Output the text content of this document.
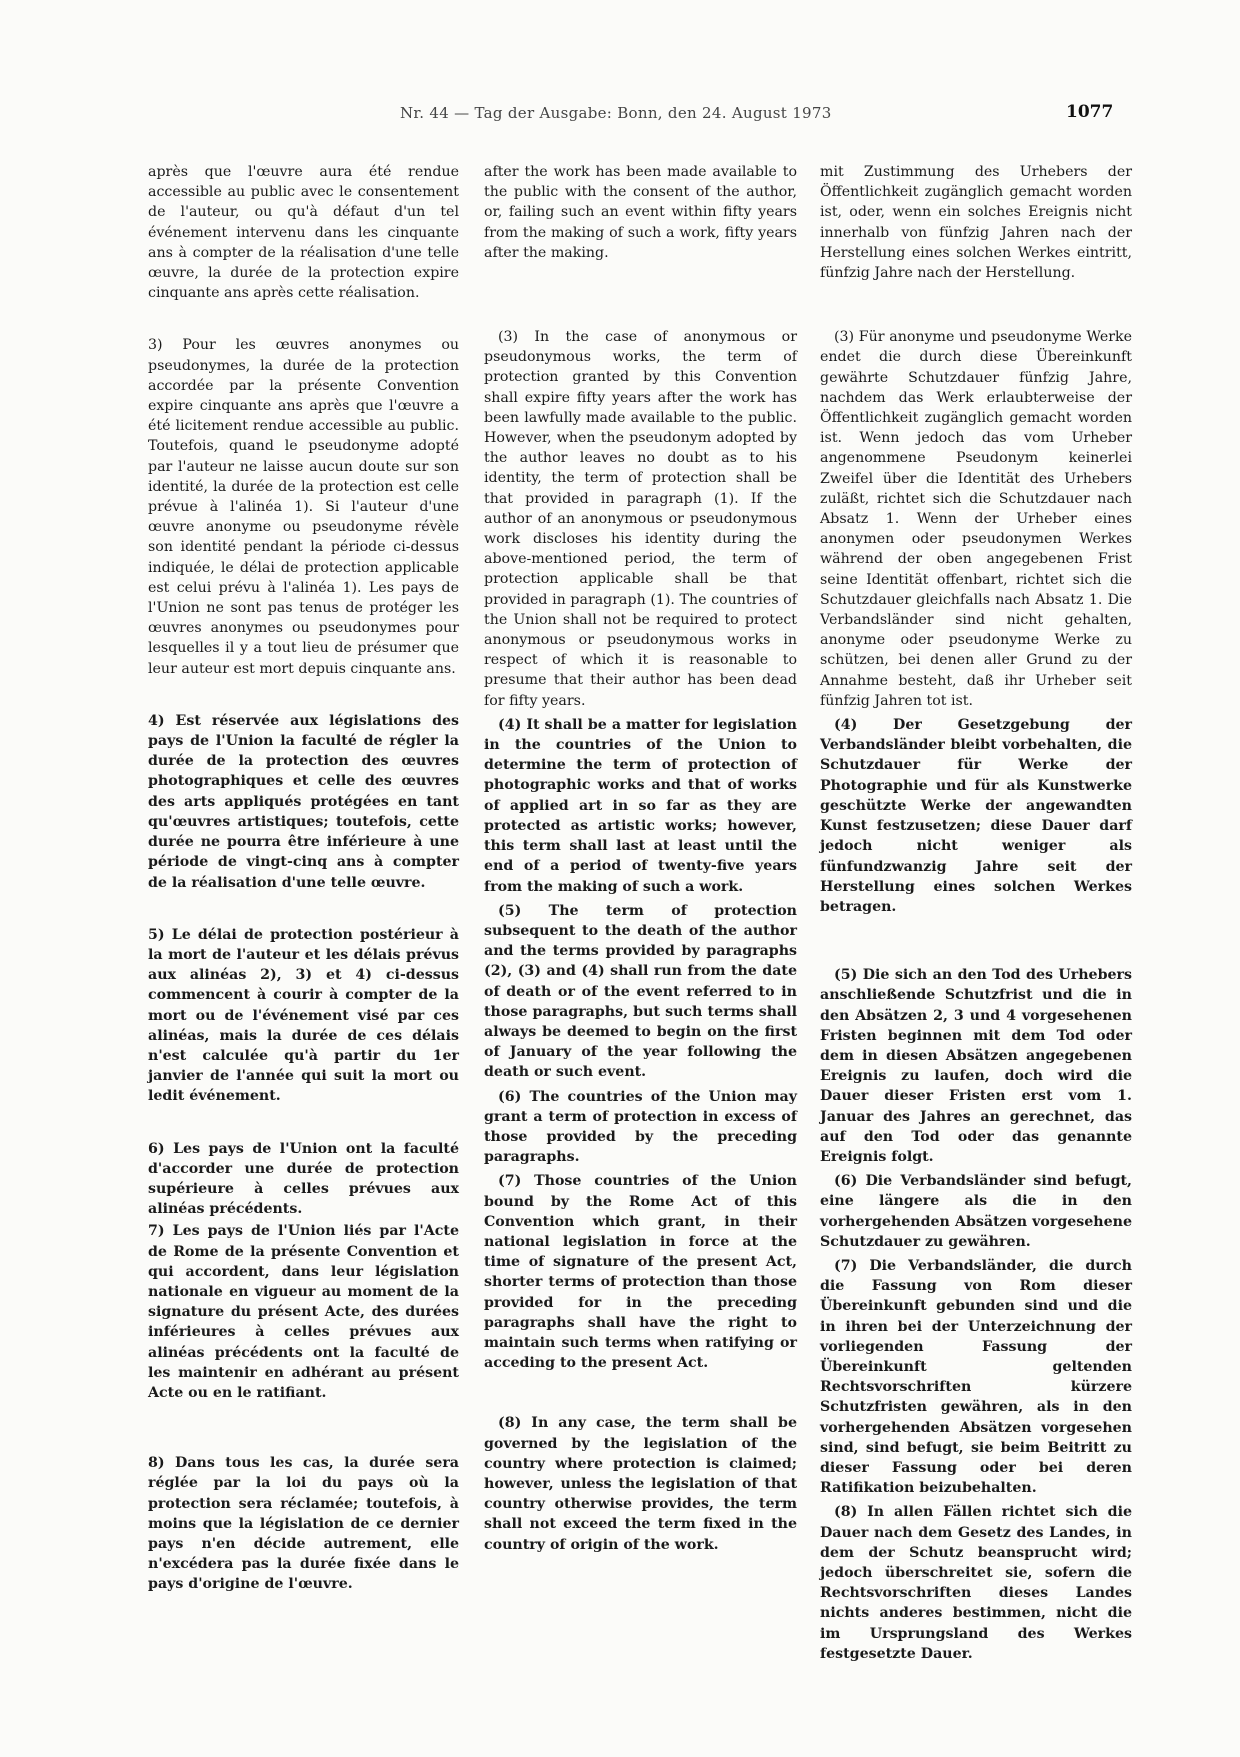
Nr. 44 — Tag der Ausgabe: Bonn, den 24. August 1973	1077

après que l'œuvre aura été rendue accessible au public avec le consentement de l'auteur, ou qu'à défaut d'un tel événement intervenu dans les cinquante ans à compter de la réalisation d'une telle œuvre, la durée de la protection expire cinquante ans après cette réalisation.

3) Pour les œuvres anonymes ou pseudonymes, la durée de la protection accordée par la présente Convention expire cinquante ans après que l'œuvre a été licitement rendue accessible au public. Toutefois, quand le pseudonyme adopté par l'auteur ne laisse aucun doute sur son identité, la durée de la protection est celle prévue à l'alinéa 1). Si l'auteur d'une œuvre anonyme ou pseudonyme révèle son identité pendant la période ci-dessus indiquée, le délai de protection applicable est celui prévu à l'alinéa 1). Les pays de l'Union ne sont pas tenus de protéger les œuvres anonymes ou pseudonymes pour lesquelles il y a tout lieu de présumer que leur auteur est mort depuis cinquante ans.

4) Est réservée aux législations des pays de l'Union la faculté de régler la durée de la protection des œuvres photographiques et celle des œuvres des arts appliqués protégées en tant qu'œuvres artistiques; toutefois, cette durée ne pourra être inférieure à une période de vingt-cinq ans à compter de la réalisation d'une telle œuvre.

5) Le délai de protection postérieur à la mort de l'auteur et les délais prévus aux alinéas 2), 3) et 4) ci-dessus commencent à courir à compter de la mort ou de l'événement visé par ces alinéas, mais la durée de ces délais n'est calculée qu'à partir du 1er janvier de l'année qui suit la mort ou ledit événement.

6) Les pays de l'Union ont la faculté d'accorder une durée de protection supérieure à celles prévues aux alinéas précédents.

7) Les pays de l'Union liés par l'Acte de Rome de la présente Convention et qui accordent, dans leur législation nationale en vigueur au moment de la signature du présent Acte, des durées inférieures à celles prévues aux alinéas précédents ont la faculté de les maintenir en adhérant au présent Acte ou en le ratifiant.

8) Dans tous les cas, la durée sera réglée par la loi du pays où la protection sera réclamée; toutefois, à moins que la législation de ce dernier pays n'en décide autrement, elle n'excédera pas la durée fixée dans le pays d'origine de l'œuvre.

after the work has been made available to the public with the consent of the author, or, failing such an event within fifty years from the making of such a work, fifty years after the making.

(3) In the case of anonymous or pseudonymous works, the term of protection granted by this Convention shall expire fifty years after the work has been lawfully made available to the public. However, when the pseudonym adopted by the author leaves no doubt as to his identity, the term of protection shall be that provided in paragraph (1). If the author of an anonymous or pseudonymous work discloses his identity during the above-mentioned period, the term of protection applicable shall be that provided in paragraph (1). The countries of the Union shall not be required to protect anonymous or pseudonymous works in respect of which it is reasonable to presume that their author has been dead for fifty years.

(4) It shall be a matter for legislation in the countries of the Union to determine the term of protection of photographic works and that of works of applied art in so far as they are protected as artistic works; however, this term shall last at least until the end of a period of twenty-five years from the making of such a work.

(5) The term of protection subsequent to the death of the author and the terms provided by paragraphs (2), (3) and (4) shall run from the date of death or of the event referred to in those paragraphs, but such terms shall always be deemed to begin on the first of January of the year following the death or such event.

(6) The countries of the Union may grant a term of protection in excess of those provided by the preceding paragraphs.

(7) Those countries of the Union bound by the Rome Act of this Convention which grant, in their national legislation in force at the time of signature of the present Act, shorter terms of protection than those provided for in the preceding paragraphs shall have the right to maintain such terms when ratifying or acceding to the present Act.

(8) In any case, the term shall be governed by the legislation of the country where protection is claimed; however, unless the legislation of that country otherwise provides, the term shall not exceed the term fixed in the country of origin of the work.

mit Zustimmung des Urhebers der Öffentlichkeit zugänglich gemacht worden ist, oder, wenn ein solches Ereignis nicht innerhalb von fünfzig Jahren nach der Herstellung eines solchen Werkes eintritt, fünfzig Jahre nach der Herstellung.

(3) Für anonyme und pseudonyme Werke endet die durch diese Übereinkunft gewährte Schutzdauer fünfzig Jahre, nachdem das Werk erlaubterweise der Öffentlichkeit zugänglich gemacht worden ist. Wenn jedoch das vom Urheber angenommene Pseudonym keinerlei Zweifel über die Identität des Urhebers zuläßt, richtet sich die Schutzdauer nach Absatz 1. Wenn der Urheber eines anonymen oder pseudonymen Werkes während der oben angegebenen Frist seine Identität offenbart, richtet sich die Schutzdauer gleichfalls nach Absatz 1. Die Verbandsländer sind nicht gehalten, anonyme oder pseudonyme Werke zu schützen, bei denen aller Grund zu der Annahme besteht, daß ihr Urheber seit fünfzig Jahren tot ist.

(4) Der Gesetzgebung der Verbandsländer bleibt vorbehalten, die Schutzdauer für Werke der Photographie und für als Kunstwerke geschützte Werke der angewandten Kunst festzusetzen; diese Dauer darf jedoch nicht weniger als fünfundzwanzig Jahre seit der Herstellung eines solchen Werkes betragen.

(5) Die sich an den Tod des Urhebers anschließende Schutzfrist und die in den Absätzen 2, 3 und 4 vorgesehenen Fristen beginnen mit dem Tod oder dem in diesen Absätzen angegebenen Ereignis zu laufen, doch wird die Dauer dieser Fristen erst vom 1. Januar des Jahres an gerechnet, das auf den Tod oder das genannte Ereignis folgt.

(6) Die Verbandsländer sind befugt, eine längere als die in den vorhergehenden Absätzen vorgesehene Schutzdauer zu gewähren.

(7) Die Verbandsländer, die durch die Fassung von Rom dieser Übereinkunft gebunden sind und die in ihren bei der Unterzeichnung der vorliegenden Fassung der Übereinkunft geltenden Rechtsvorschriften kürzere Schutzfristen gewähren, als in den vorhergehenden Absätzen vorgesehen sind, sind befugt, sie beim Beitritt zu dieser Fassung oder bei deren Ratifikation beizubehalten.

(8) In allen Fällen richtet sich die Dauer nach dem Gesetz des Landes, in dem der Schutz beansprucht wird; jedoch überschreitet sie, sofern die Rechtsvorschriften dieses Landes nichts anderes bestimmen, nicht die im Ursprungsland des Werkes festgesetzte Dauer.
